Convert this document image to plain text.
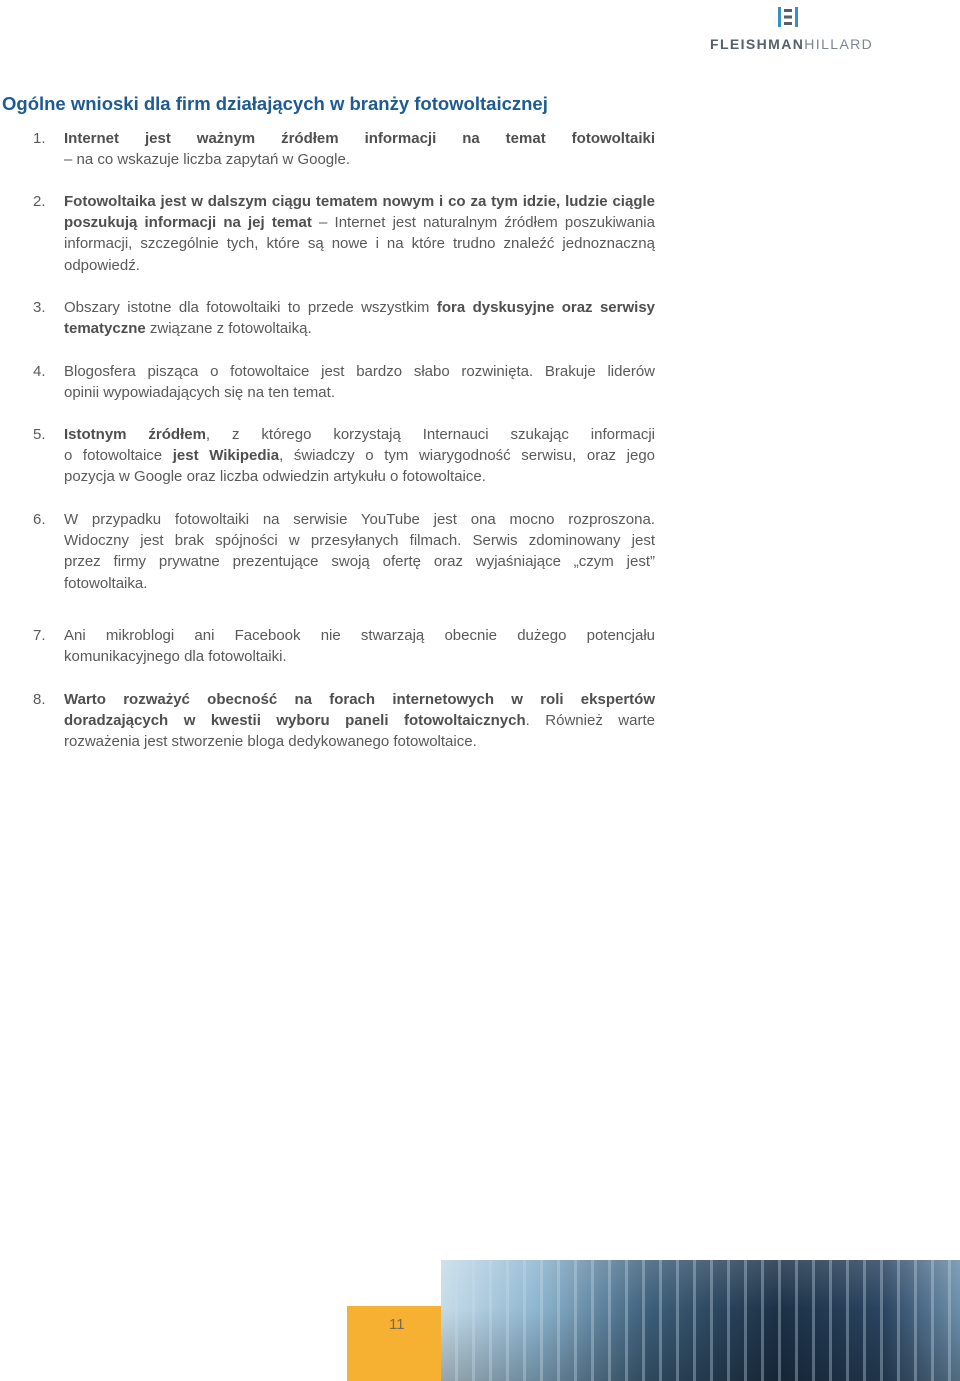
FLEISHMANHILLARD
Ogólne wnioski dla firm działających w branży fotowoltaicznej
1. Internet jest ważnym źródłem informacji na temat fotowoltaiki
– na co wskazuje liczba zapytań w Google.
2. Fotowoltaika jest w dalszym ciągu tematem nowym i co za tym idzie, ludzie ciągle
poszukują informacji na jej temat – Internet jest naturalnym źródłem poszukiwania
informacji, szczególnie tych, które są nowe i na które trudno znaleźć jednoznaczną
odpowiedź.
3. Obszary istotne dla fotowoltaiki to przede wszystkim fora dyskusyjne oraz serwisy
tematyczne związane z fotowoltaiką.
4. Blogosfera pisząca o fotowoltaice jest bardzo słabo rozwinięta. Brakuje liderów
opinii wypowiadających się na ten temat.
5. Istotnym źródłem, z którego korzystają Internauci szukając informacji
o fotowoltaice jest Wikipedia, świadczy o tym wiarygodność serwisu, oraz jego
pozycja w Google oraz liczba odwiedzin artykułu o fotowoltaice.
6. W przypadku fotowoltaiki na serwisie YouTube jest ona mocno rozproszona.
Widoczny jest brak spójności w przesyłanych filmach. Serwis zdominowany jest
przez firmy prywatne prezentujące swoją ofertę oraz wyjaśniające „czym jest”
fotowoltaika.
7. Ani mikroblogi ani Facebook nie stwarzają obecnie dużego potencjału
komunikacyjnego dla fotowoltaiki.
8. Warto rozważyć obecność na forach internetowych w roli ekspertów
doradzających w kwestii wyboru paneli fotowoltaicznych. Również warte
rozważenia jest stworzenie bloga dedykowanego fotowoltaice.
11
